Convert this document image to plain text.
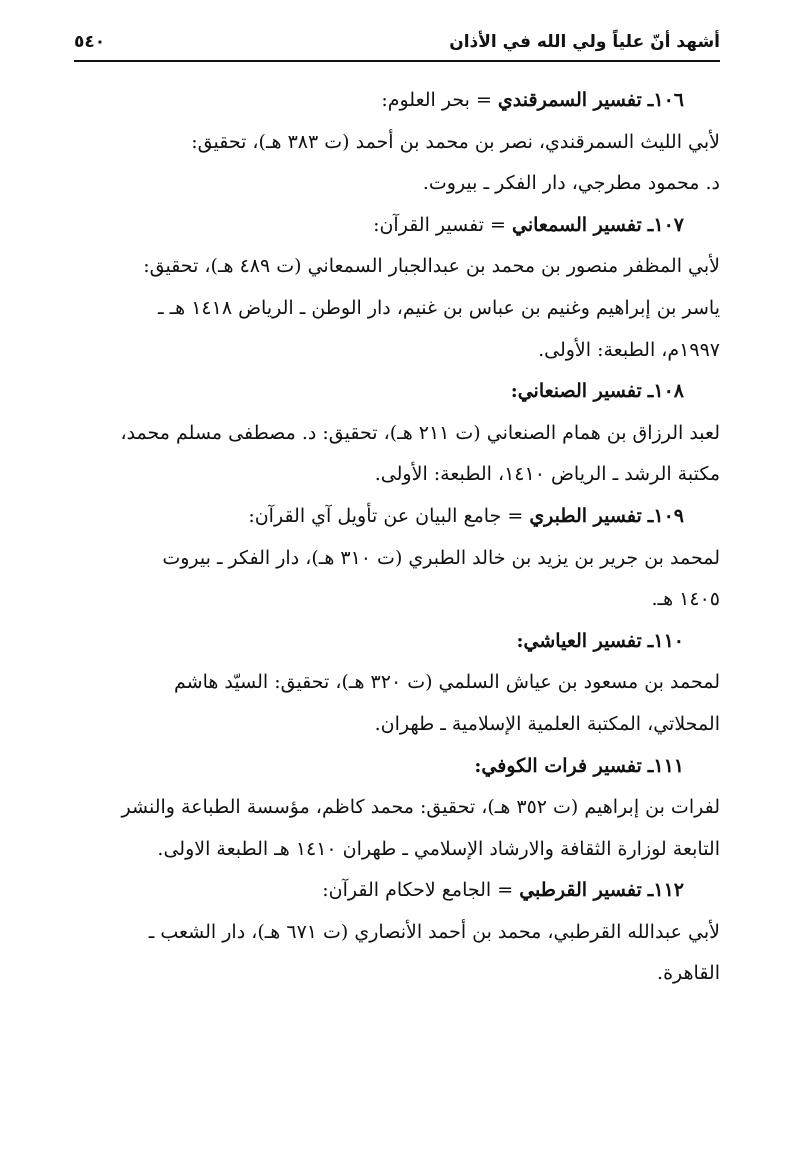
أشهد أنّ علياً ولي الله في الأذان
٥٤٠
١٠٦ـ تفسير السمرقندي = بحر العلوم:
لأبي الليث السمرقندي، نصر بن محمد بن أحمد (ت ٣٨٣ هـ)، تحقيق:
د. محمود مطرجي، دار الفكر ـ بيروت.
١٠٧ـ تفسير السمعاني = تفسير القرآن:
لأبي المظفر منصور بن محمد بن عبدالجبار السمعاني (ت ٤٨٩ هـ)، تحقيق:
ياسر بن إبراهيم وغنيم بن عباس بن غنيم، دار الوطن ـ الرياض ١٤١٨ هـ ـ
١٩٩٧م، الطبعة: الأولى.
١٠٨ـ تفسير الصنعاني:
لعبد الرزاق بن همام الصنعاني (ت ٢١١ هـ)، تحقيق: د. مصطفى مسلم محمد،
مكتبة الرشد ـ الرياض ١٤١٠، الطبعة: الأولى.
١٠٩ـ تفسير الطبري = جامع البيان عن تأويل آي القرآن:
لمحمد بن جرير بن يزيد بن خالد الطبري (ت ٣١٠ هـ)، دار الفكر ـ بيروت
١٤٠٥ هـ.
١١٠ـ تفسير العياشي:
لمحمد بن مسعود بن عياش السلمي (ت ٣٢٠ هـ)، تحقيق: السيّد هاشم
المحلاتي، المكتبة العلمية الإسلامية ـ طهران.
١١١ـ تفسير فرات الكوفي:
لفرات بن إبراهيم (ت ٣٥٢ هـ)، تحقيق: محمد كاظم، مؤسسة الطباعة والنشر
التابعة لوزارة الثقافة والارشاد الإسلامي ـ طهران ١٤١٠ هـ الطبعة الاولى.
١١٢ـ تفسير القرطبي = الجامع لاحكام القرآن:
لأبي عبدالله القرطبي، محمد بن أحمد الأنصاري (ت ٦٧١ هـ)، دار الشعب ـ
القاهرة.
